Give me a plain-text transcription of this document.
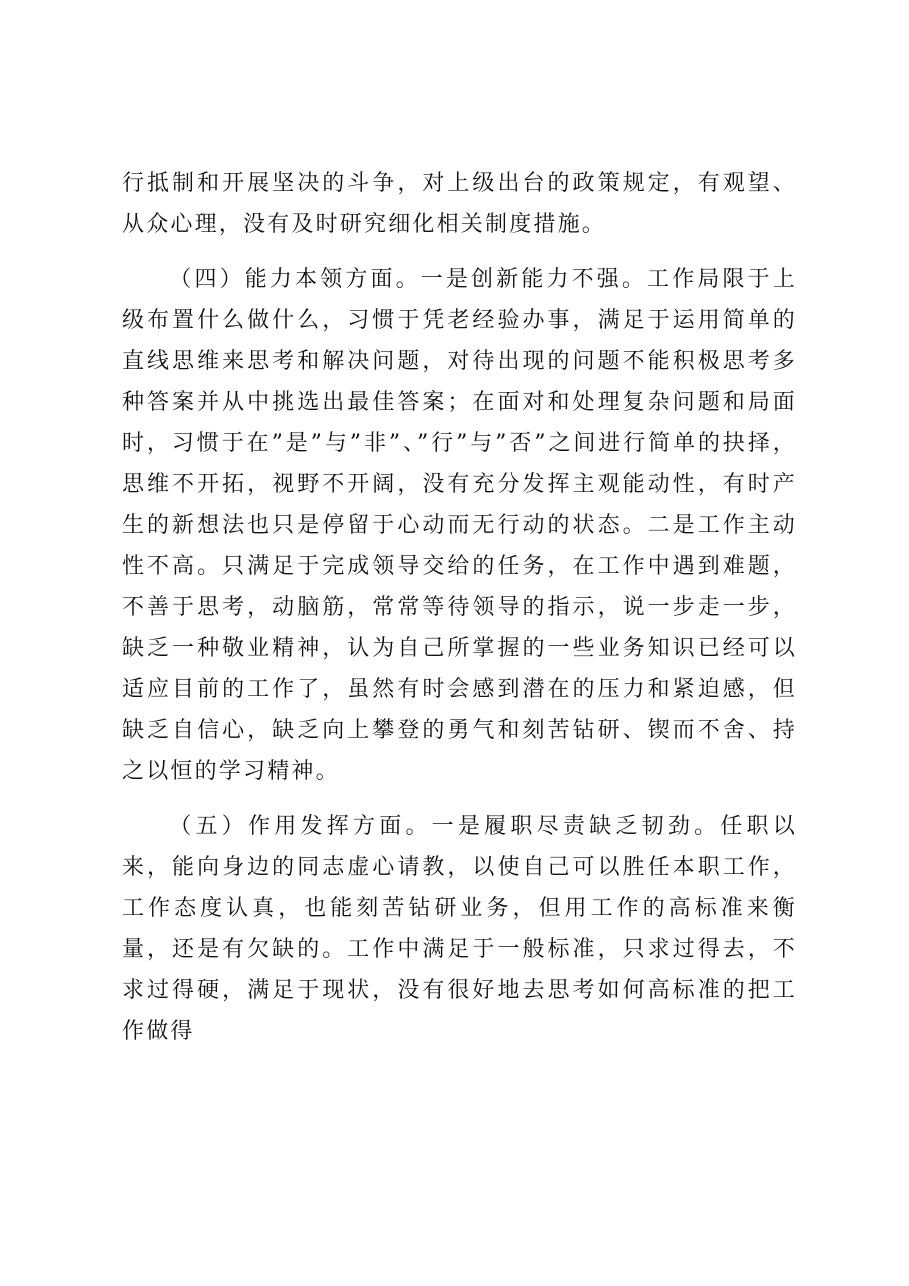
行抵制和开展坚决的斗争，对上级出台的政策规定，有观望、从众心理，没有及时研究细化相关制度措施。

（四）能力本领方面。一是创新能力不强。工作局限于上级布置什么做什么，习惯于凭老经验办事，满足于运用简单的直线思维来思考和解决问题，对待出现的问题不能积极思考多种答案并从中挑选出最佳答案；在面对和处理复杂问题和局面时，习惯于在”是”与”非”、”行”与”否”之间进行简单的抉择，思维不开拓，视野不开阔，没有充分发挥主观能动性，有时产生的新想法也只是停留于心动而无行动的状态。二是工作主动性不高。只满足于完成领导交给的任务，在工作中遇到难题，不善于思考，动脑筋，常常等待领导的指示，说一步走一步，缺乏一种敬业精神，认为自己所掌握的一些业务知识已经可以适应目前的工作了，虽然有时会感到潜在的压力和紧迫感，但缺乏自信心，缺乏向上攀登的勇气和刻苦钻研、锲而不舍、持之以恒的学习精神。

（五）作用发挥方面。一是履职尽责缺乏韧劲。任职以来，能向身边的同志虚心请教，以使自己可以胜任本职工作，工作态度认真，也能刻苦钻研业务，但用工作的高标准来衡量，还是有欠缺的。工作中满足于一般标准，只求过得去，不求过得硬，满足于现状，没有很好地去思考如何高标准的把工作做得
